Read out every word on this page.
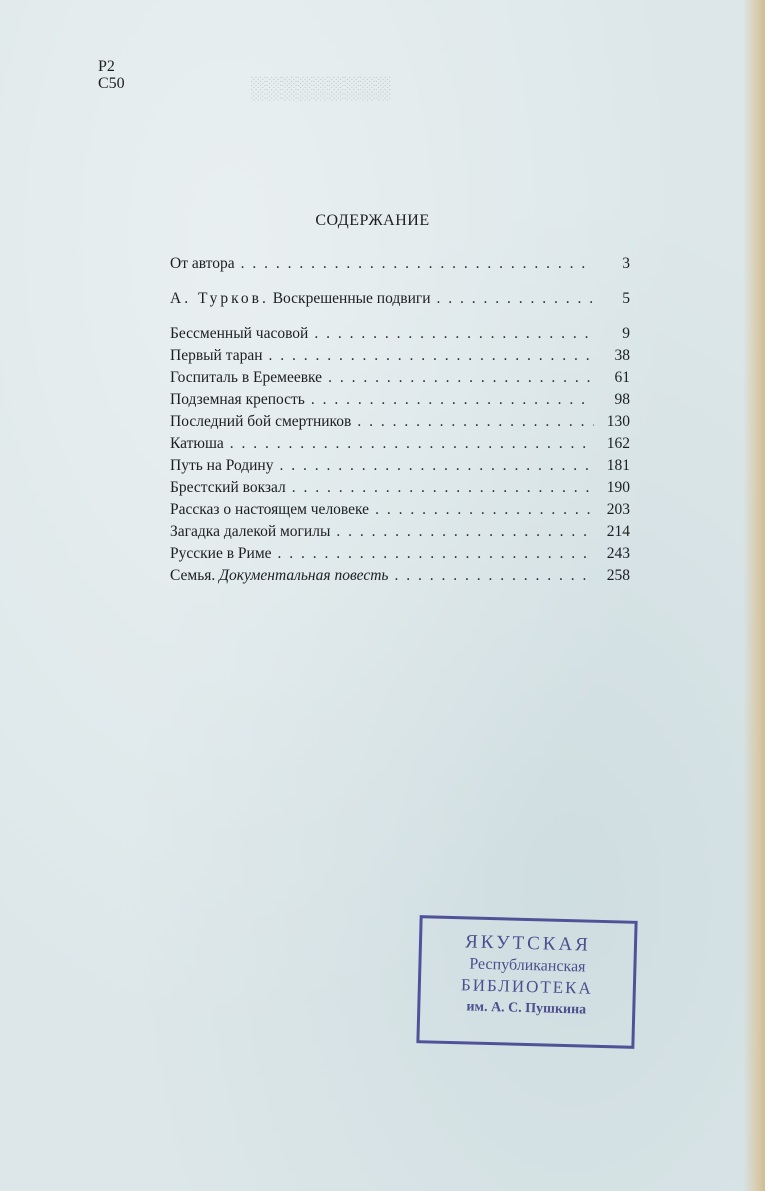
░░░░░░░░░
Р2
С50
СОДЕРЖАНИЕ
От автора . . .	3
А. Турков. Воскрешенные подвиги . . .	5
Бессменный часовой . . .	9
Первый таран . . .	38
Госпиталь в Еремеевке . . .	61
Подземная крепость . . .	98
Последний бой смертников . . .	130
Катюша . . .	162
Путь на Родину . . .	181
Брестский вокзал . . .	190
Рассказ о настоящем человеке . . .	203
Загадка далекой могилы . . .	214
Русские в Риме . . .	243
Семья. Документальная повесть . . .	258
ЯКУТСКАЯ
Республиканская
БИБЛИОТЕКА
им. А. С. Пушкина
